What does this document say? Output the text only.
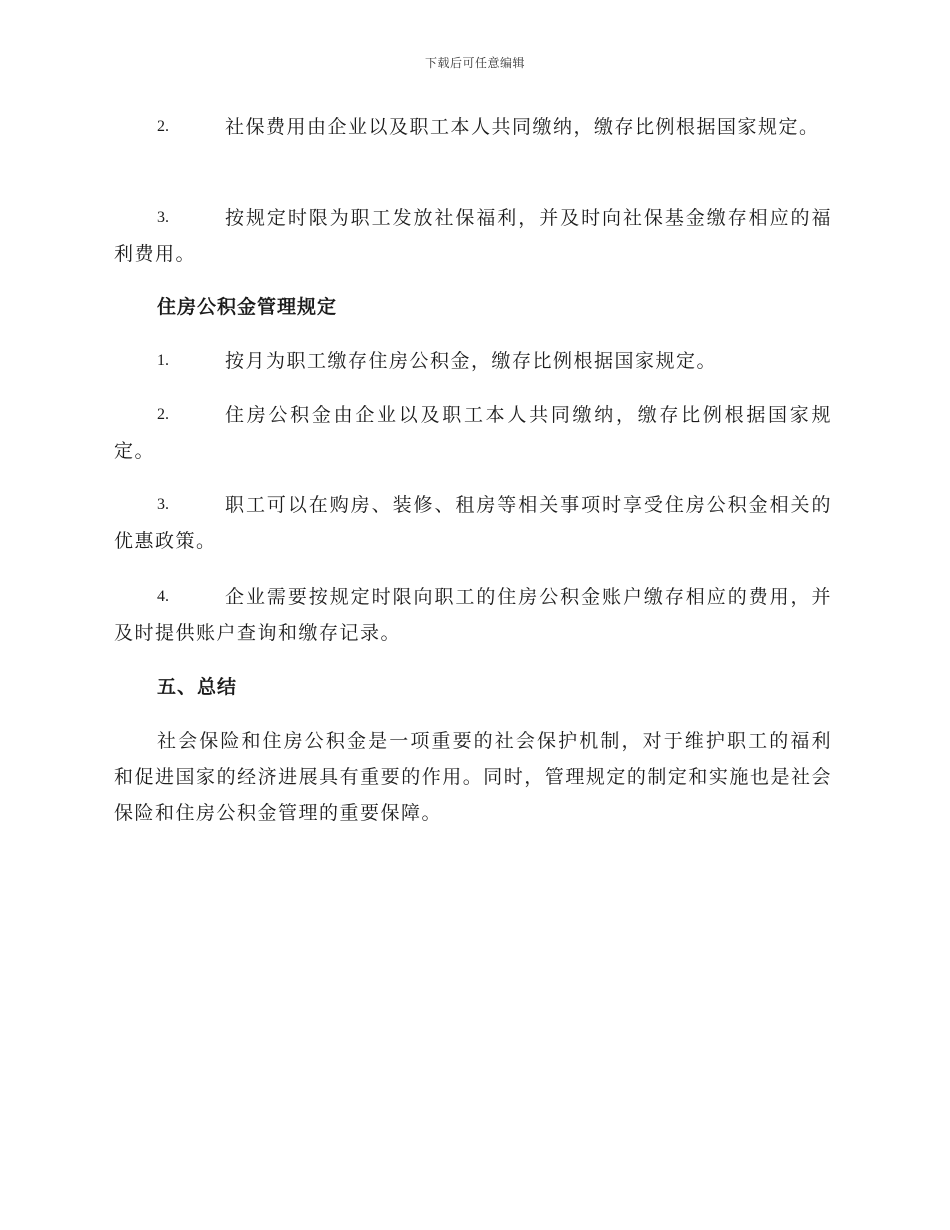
下载后可任意编辑
2.	社保费用由企业以及职工本人共同缴纳，缴存比例根据国家规定。
3.	按规定时限为职工发放社保福利，并及时向社保基金缴存相应的福利费用。
住房公积金管理规定
1.	按月为职工缴存住房公积金，缴存比例根据国家规定。
2.	住房公积金由企业以及职工本人共同缴纳，缴存比例根据国家规定。
3.	职工可以在购房、装修、租房等相关事项时享受住房公积金相关的优惠政策。
4.	企业需要按规定时限向职工的住房公积金账户缴存相应的费用，并及时提供账户查询和缴存记录。
五、总结
社会保险和住房公积金是一项重要的社会保护机制，对于维护职工的福利和促进国家的经济进展具有重要的作用。同时，管理规定的制定和实施也是社会保险和住房公积金管理的重要保障。
